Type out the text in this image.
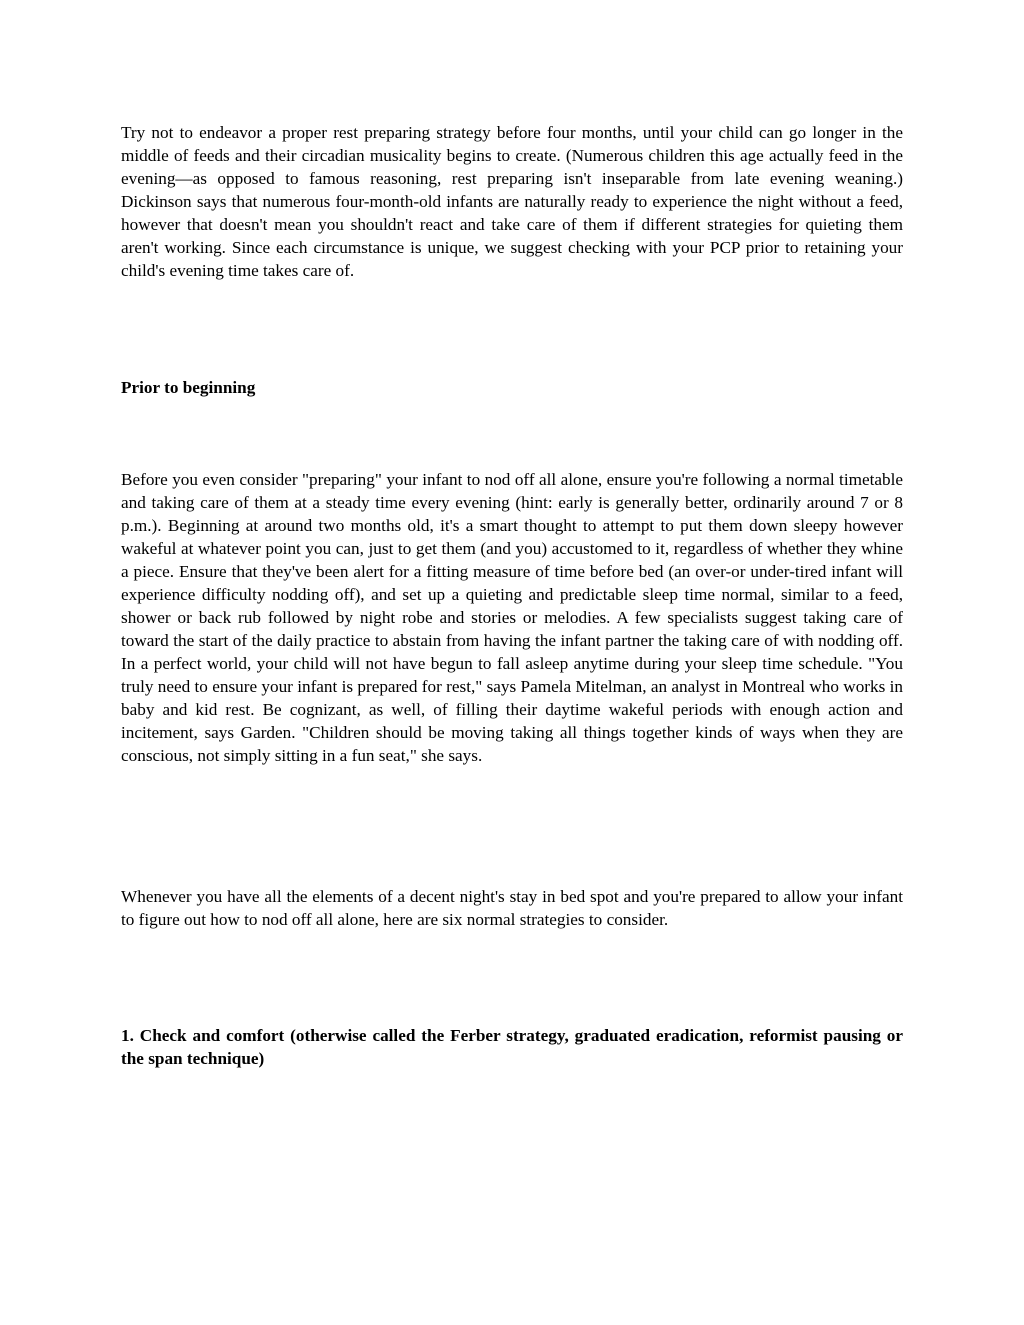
Try not to endeavor a proper rest preparing strategy before four months, until your child can go longer in the middle of feeds and their circadian musicality begins to create. (Numerous children this age actually feed in the evening—as opposed to famous reasoning, rest preparing isn't inseparable from late evening weaning.) Dickinson says that numerous four-month-old infants are naturally ready to experience the night without a feed, however that doesn't mean you shouldn't react and take care of them if different strategies for quieting them aren't working. Since each circumstance is unique, we suggest checking with your PCP prior to retaining your child's evening time takes care of.

Prior to beginning

Before you even consider "preparing" your infant to nod off all alone, ensure you're following a normal timetable and taking care of them at a steady time every evening (hint: early is generally better, ordinarily around 7 or 8 p.m.). Beginning at around two months old, it's a smart thought to attempt to put them down sleepy however wakeful at whatever point you can, just to get them (and you) accustomed to it, regardless of whether they whine a piece. Ensure that they've been alert for a fitting measure of time before bed (an over-or under-tired infant will experience difficulty nodding off), and set up a quieting and predictable sleep time normal, similar to a feed, shower or back rub followed by night robe and stories or melodies. A few specialists suggest taking care of toward the start of the daily practice to abstain from having the infant partner the taking care of with nodding off. In a perfect world, your child will not have begun to fall asleep anytime during your sleep time schedule. "You truly need to ensure your infant is prepared for rest," says Pamela Mitelman, an analyst in Montreal who works in baby and kid rest. Be cognizant, as well, of filling their daytime wakeful periods with enough action and incitement, says Garden. "Children should be moving taking all things together kinds of ways when they are conscious, not simply sitting in a fun seat," she says.

Whenever you have all the elements of a decent night's stay in bed spot and you're prepared to allow your infant to figure out how to nod off all alone, here are six normal strategies to consider.

1. Check and comfort (otherwise called the Ferber strategy, graduated eradication, reformist pausing or the span technique)
